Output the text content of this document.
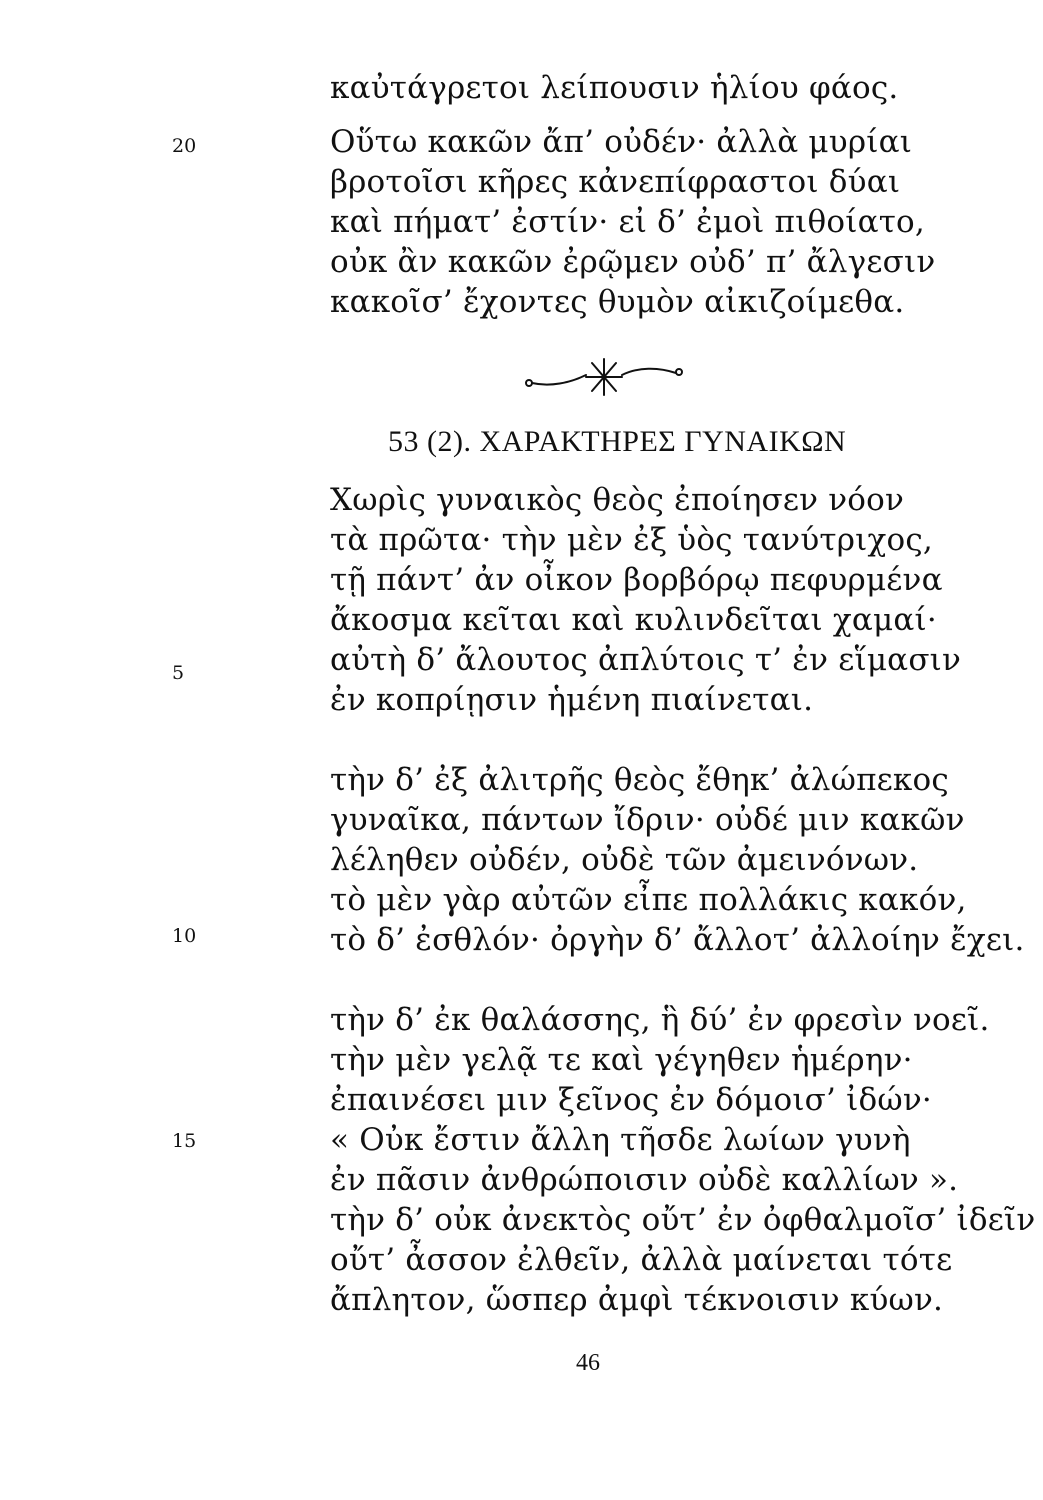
καὐτάγρετοι λείπουσιν ἡλίου φάος.
20	Οὕτω κακῶν ἄπ’ οὐδέν· ἀλλὰ μυρίαι
βροτοῖσι κῆρες κἀνεπίφραστοι δύαι
καὶ πήματ’ ἐστίν· εἰ δ’ ἐμοὶ πιθοίατο,
οὐκ ἂν κακῶν ἐρῷμεν οὐδ’ π’ ἄλγεσιν
κακοῖσ’ ἔχοντες θυμὸν αἰκιζοίμεθα.
53 (2). ΧΑΡΑΚΤΗΡΕΣ ΓΥΝΑΙΚΩΝ
Χωρὶς γυναικὸς θεὸς ἐποίησεν νόον
τὰ πρῶτα· τὴν μὲν ἐξ ὑὸς τανύτριχος,
τῇ πάντ’ ἀν οἶκον βορβόρῳ πεφυρμένα
ἄκοσμα κεῖται καὶ κυλινδεῖται χαμαί·
5	αὐτὴ δ’ ἄλουτος ἀπλύτοις τ’ ἐν εἵμασιν
ἐν κοπρίῃσιν ἡμένη πιαίνεται.
τὴν δ’ ἐξ ἀλιτρῆς θεὸς ἔθηκ’ ἀλώπεκος
γυναῖκα, πάντων ἴδριν· οὐδέ μιν κακῶν
λέληθεν οὐδέν, οὐδὲ τῶν ἀμεινόνων.
τὸ μὲν γὰρ αὐτῶν εἶπε πολλάκις κακόν,
10	τὸ δ’ ἐσθλόν· ὀργὴν δ’ ἄλλοτ’ ἀλλοίην ἔχει.
τὴν δ’ ἐκ θαλάσσης, ἣ δύ’ ἐν φρεσὶν νοεῖ.
τὴν μὲν γελᾷ τε καὶ γέγηθεν ἡμέρην·
ἐπαινέσει μιν ξεῖνος ἐν δόμοισ’ ἰδών·
15	« Οὐκ ἔστιν ἄλλη τῆσδε λωίων γυνὴ
ἐν πᾶσιν ἀνθρώποισιν οὐδὲ καλλίων ».
τὴν δ’ οὐκ ἀνεκτὸς οὔτ’ ἐν ὀφθαλμοῖσ’ ἰδεῖν
οὔτ’ ἆσσον ἐλθεῖν, ἀλλὰ μαίνεται τότε
ἄπλητον, ὥσπερ ἀμφὶ τέκνοισιν κύων.
46
